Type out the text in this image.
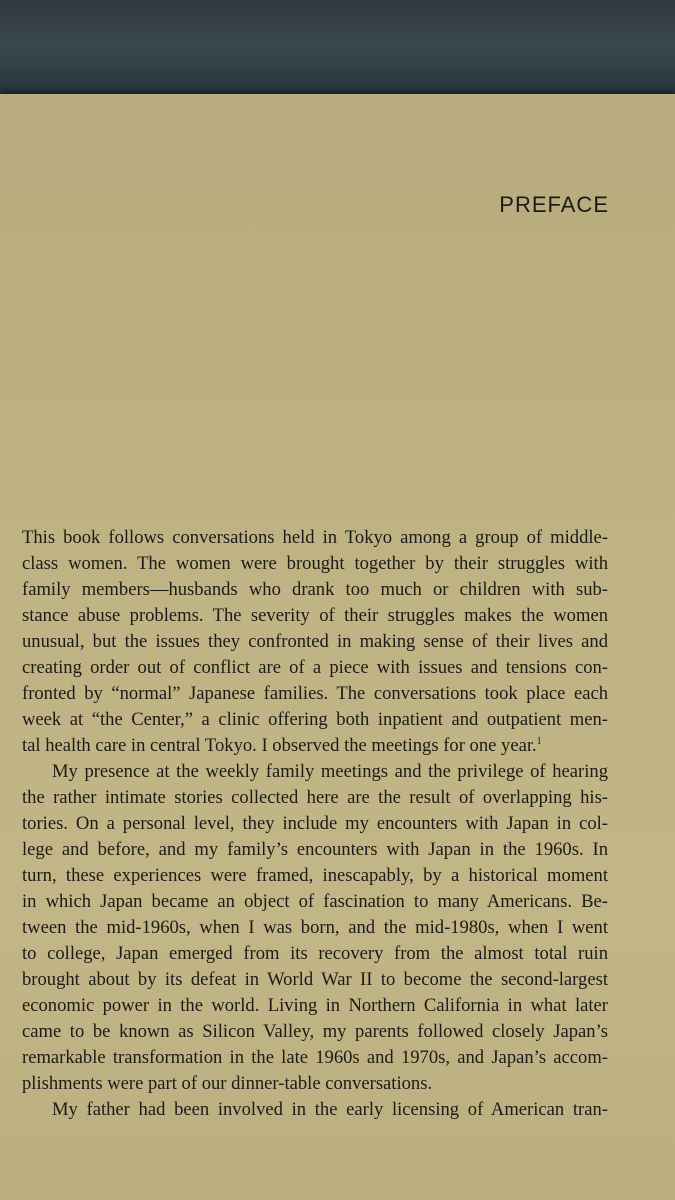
PREFACE

This book follows conversations held in Tokyo among a group of middle-
class women. The women were brought together by their struggles with
family members—husbands who drank too much or children with sub-
stance abuse problems. The severity of their struggles makes the women
unusual, but the issues they confronted in making sense of their lives and
creating order out of conflict are of a piece with issues and tensions con-
fronted by “normal” Japanese families. The conversations took place each
week at “the Center,” a clinic offering both inpatient and outpatient men-
tal health care in central Tokyo. I observed the meetings for one year.$^1$

My presence at the weekly family meetings and the privilege of hearing
the rather intimate stories collected here are the result of overlapping his-
tories. On a personal level, they include my encounters with Japan in col-
lege and before, and my family’s encounters with Japan in the 1960s. In
turn, these experiences were framed, inescapably, by a historical moment
in which Japan became an object of fascination to many Americans. Be-
tween the mid-1960s, when I was born, and the mid-1980s, when I went
to college, Japan emerged from its recovery from the almost total ruin
brought about by its defeat in World War II to become the second-largest
economic power in the world. Living in Northern California in what later
came to be known as Silicon Valley, my parents followed closely Japan’s
remarkable transformation in the late 1960s and 1970s, and Japan’s accom-
plishments were part of our dinner-table conversations.

My father had been involved in the early licensing of American tran-
